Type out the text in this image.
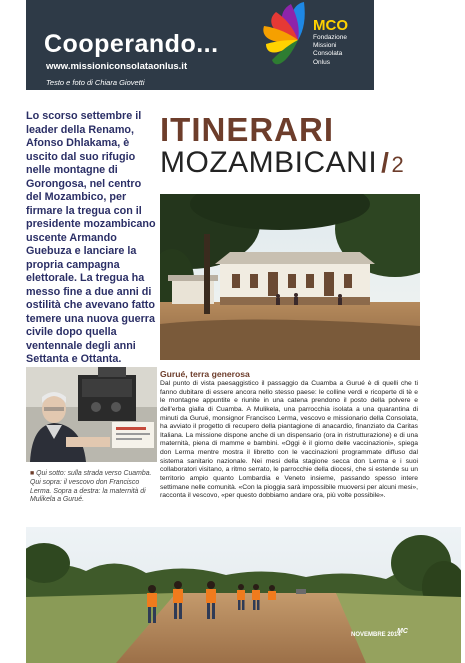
Cooperando...
www.missioniconsolataonlus.it
Testo e foto di Chiara Giovetti
MCO
Fondazione
Missioni
Consolata
Onlus
Lo scorso settembre il leader della Renamo, Afonso Dhlakama, è uscito dal suo rifugio nelle montagne di Gorongosa, nel centro del Mozambico, per firmare la tregua con il presidente mozambicano uscente Armando Guebuza e lanciare la propria campagna elettorale. La tregua ha messo fine a due anni di ostilità che avevano fatto temere una nuova guerra civile dopo quella ventennale degli anni Settanta e Ottanta.
ITINERARI
MOZAMBICANI /2
■ Qui sotto: sulla strada verso Cuamba. Qui sopra: il vescovo don Francisco Lerma. Sopra a destra: la maternità di Mulikela a Gurué.
Gurué, terra generosa
Dal punto di vista paesaggistico il passaggio da Cuamba a Gurué è di quelli che ti fanno dubitare di essere ancora nello stesso paese: le colline verdi e ricoperte di tè e le montagne appuntite e riunite in una catena prendono il posto della polvere e dell'erba gialla di Cuamba. A Mulikela, una parrocchia isolata a una quarantina di minuti da Gurué, monsignor Francisco Lerma, vescovo e missionario della Consolata, ha avviato il progetto di recupero della piantagione di anacardio, finanziato da Caritas Italiana. La missione dispone anche di un dispensario (ora in ristrutturazione) e di una maternità, piena di mamme e bambini. «Oggi è il giorno delle vaccinazioni», spiega don Lerma mentre mostra il libretto con le vaccinazioni programmate diffuso dal sistema sanitario nazionale. Nei mesi della stagione secca don Lerma e i suoi collaboratori visitano, a ritmo serrato, le parrocchie della diocesi, che si estende su un territorio ampio quanto Lombardia e Veneto insieme, passando spesso intere settimane nelle comunità. «Con la pioggia sarà impossibile muoversi per alcuni mesi», racconta il vescovo, «per questo dobbiamo andare ora, più volte possibile».
NOVEMBRE 2014
MC
